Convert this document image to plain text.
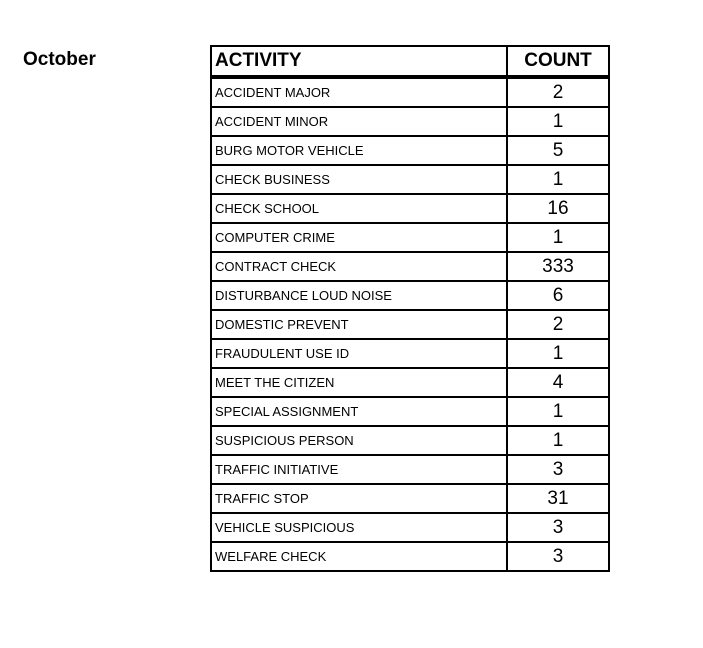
October	ACTIVITY	COUNT
ACCIDENT MAJOR	2
ACCIDENT MINOR	1
BURG MOTOR VEHICLE	5
CHECK BUSINESS	1
CHECK SCHOOL	16
COMPUTER CRIME	1
CONTRACT CHECK	333
DISTURBANCE LOUD NOISE	6
DOMESTIC PREVENT	2
FRAUDULENT USE ID	1
MEET THE CITIZEN	4
SPECIAL ASSIGNMENT	1
SUSPICIOUS PERSON	1
TRAFFIC INITIATIVE	3
TRAFFIC STOP	31
VEHICLE SUSPICIOUS	3
WELFARE CHECK	3
